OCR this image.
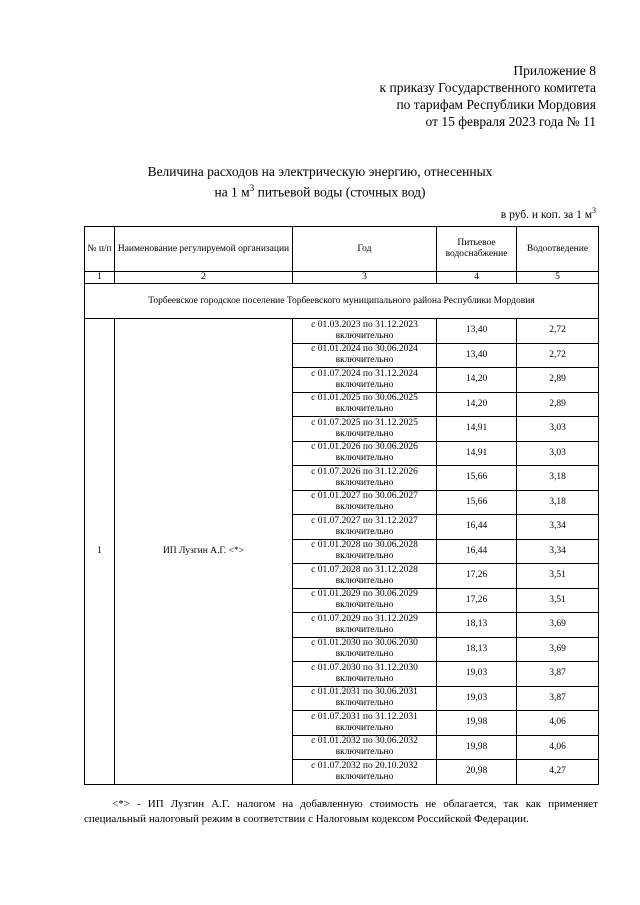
Приложение 8
к приказу Государственного комитета
по тарифам Республики Мордовия
от 15 февраля 2023 года № 11
Величина расходов на электрическую энергию, отнесенных
на 1 $м^3$ питьевой воды (сточных вод)
в руб. и коп. за 1 $м^3$
№ п/п	Наименование регулируемой организации	Год	Питьевое водоснабжение	Водоотведение
1	2	3	4	5
Торбеевское городское поселение Торбеевского муниципального района Республики Мордовия				
1	ИП Лузгин А.Г. <*>	с 01.03.2023 по 31.12.2023 включительно	13,40	2,72
		с 01.01.2024 по 30.06.2024 включительно	13,40	2,72
		с 01.07.2024 по 31.12.2024 включительно	14,20	2,89
		с 01.01.2025 по 30.06.2025 включительно	14,20	2,89
		с 01.07.2025 по 31.12.2025 включительно	14,91	3,03
		с 01.01.2026 по 30.06.2026 включительно	14,91	3,03
		с 01.07.2026 по 31.12.2026 включительно	15,66	3,18
		с 01.01.2027 по 30.06.2027 включительно	15,66	3,18
		с 01.07.2027 по 31.12.2027 включительно	16,44	3,34
		с 01.01.2028 по 30.06.2028 включительно	16,44	3,34
		с 01.07.2028 по 31.12.2028 включительно	17,26	3,51
		с 01.01.2029 по 30.06.2029 включительно	17,26	3,51
		с 01.07.2029 по 31.12.2029 включительно	18,13	3,69
		с 01.01.2030 по 30.06.2030 включительно	18,13	3,69
		с 01.07.2030 по 31.12.2030 включительно	19,03	3,87
		с 01.01.2031 по 30.06.2031 включительно	19,03	3,87
		с 01.07.2031 по 31.12.2031 включительно	19,98	4,06
		с 01.01.2032 по 30.06.2032 включительно	19,98	4,06
		с 01.07.2032 по 20.10.2032 включительно	20,98	4,27
<*> - ИП Лузгин А.Г. налогом на добавленную стоимость не облагается, так как применяет специальный налоговый режим в соответствии с Налоговым кодексом Российской Федерации.
